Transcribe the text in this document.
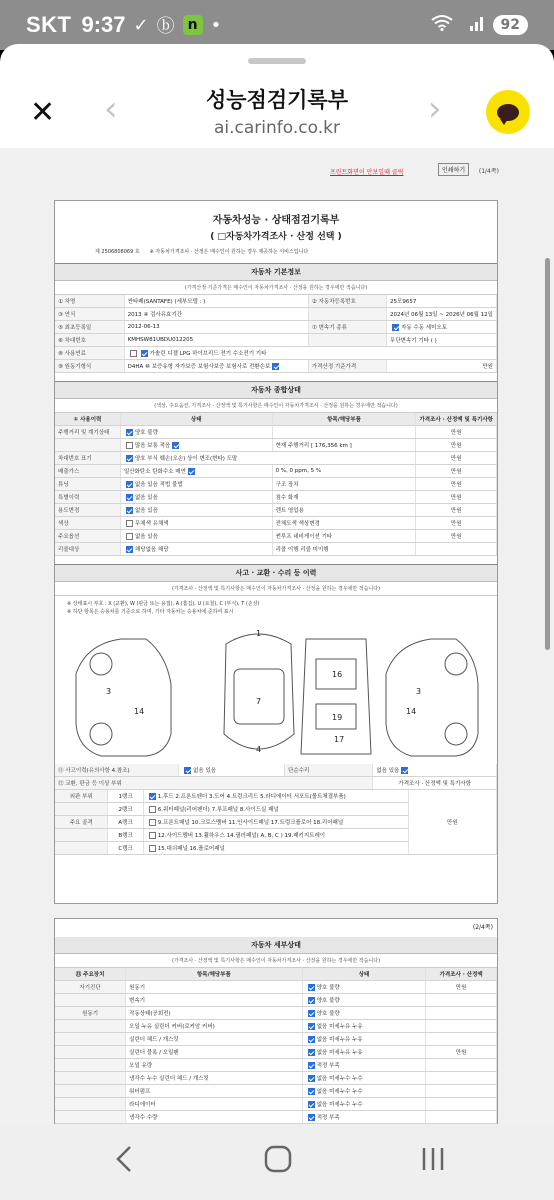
SKT 9:37 ✓ ⓑ n •	92
✕ ‹	성능점검기록부
ai.carinfo.co.kr	›
프린트화면이 안보일때 클릭	인쇄하기	(1/4쪽)
자동차성능 · 상태점검기록부
( □자동차가격조사 · 산정 선택 )
제 2506808069 호 ※ 자동차가격조사 · 산정은 매수인이 원하는 경우 제공하는 서비스입니다
자동차 기본정보
(가격산정 기준가격은 매수인이 자동차가격조사 · 산정을 원하는 경우에만 적습니다)
① 차명	싼타페(SANTAFE) (세부모델 : )	② 자동차등록번호	25모9657
③ 연식	2013 ④ 검사유효기간		2024년 06월 13일 ~ 2026년 06월 12일
⑤ 최초등록일	2012-06-13	⑦ 변속기 종류	자동 수동 세미오토
⑥ 차대번호	KMHSW81UBDU012205		무단변속기 기타 ( )
⑧ 사용연료	가솔린 디젤 LPG 하이브리드 전기 수소전기 기타		
⑨ 원동기형식	D4HA ⑩ 보증유형 자가보증 보험사보증 보험사로 전환손보	가격산정 기준가격	만원
자동차 종합상태
(색상, 주요옵션, 가격조사 · 산정액 및 특기사항은 매수인이 자동차가격조사 · 산정을 원하는 경우에만 적습니다)
① 사용이력	상태	항목/해당부품	가격조사 · 산정액 및 특기사항
주행거리 및 계기상태	양호 불량		만원
	많음 보통 적음	현재 주행거리 [ 176,356 km ]	만원
차대번호 표기	양호 부식 훼손(오손) 상이 변조(변타) 도말		만원
배출가스	일산화탄소 탄화수소 매연	0 %, 0 ppm, 5 %	만원
튜닝	없음 있음 적법 불법	구조 장치	만원
특별이력	없음 있음	침수 화재	만원
용도변경	없음 있음	렌트 영업용	만원
색상	무채색 유채색	전체도색 색상변경	만원
주요옵션	없음 있음	썬루프 네비게이션 기타	만원
리콜대상	해당없음 해당	리콜 이행 리콜 미이행	
사고 · 교환 · 수리 등 이력
(가격조사 · 산정액 및 특기사항은 매수인이 자동차가격조사 · 산정을 원하는 경우에만 적습니다)
※ 상태표시 부호 : X (교환), W (판금 또는 용접), A (흠집), U (요철), C (부식), T (손상)
※ 하단 항목은 승용차를 기준으로 하며, 기타 자동차는 승용차에 준하여 표시
3
14
7
1
4
16
19
17
3
14
⑪ 사고이력(유의사항 4.참조)	없음 있음	단순수리	없음 있음
⑫ 교환, 판금 등 이상 부위			가격조사 · 산정액 및 특기사항
외판 부위	1랭크	1.후드 2.프론트펜더 3.도어 4.트렁크리드 5.라디에이터 서포트(볼트체결부품)	만원
	2랭크	6.쿼터패널(리어펜더) 7.루프패널 8.사이드실 패널	
주요 골격	A랭크	9.프론트패널 10.크로스멤버 11.인사이드패널 17.트렁크플로어 18.리어패널	
	B랭크	12.사이드멤버 13.휠하우스 14.필러패널( A, B, C ) 19.패키지트레이	
	C랭크	15.대쉬패널 16.플로어패널	
(2/4쪽)
자동차 세부상태
(가격조사 · 산정액 및 특기사항은 매수인이 자동차가격조사 · 산정을 원하는 경우에만 적습니다)
⑬ 주요장치	항목/해당부품	상태	가격조사 · 산정액
자기진단	원동기	양호 불량	만원
	변속기	양호 불량	
원동기	작동상태(공회전)	양호 불량	
	오일 누유 실린더 커버(로커암 커버)	없음 미세누유 누유	
	실린더 헤드 / 개스킷	없음 미세누유 누유	
	실린더 블록 / 오일팬	없음 미세누유 누유	만원
	오일 유량	적정 부족	
	냉각수 누수 실린더 헤드 / 개스킷	없음 미세누수 누수	
	워터펌프	없음 미세누수 누수	
	라디에이터	없음 미세누수 누수	
	냉각수 수량	적정 부족	
